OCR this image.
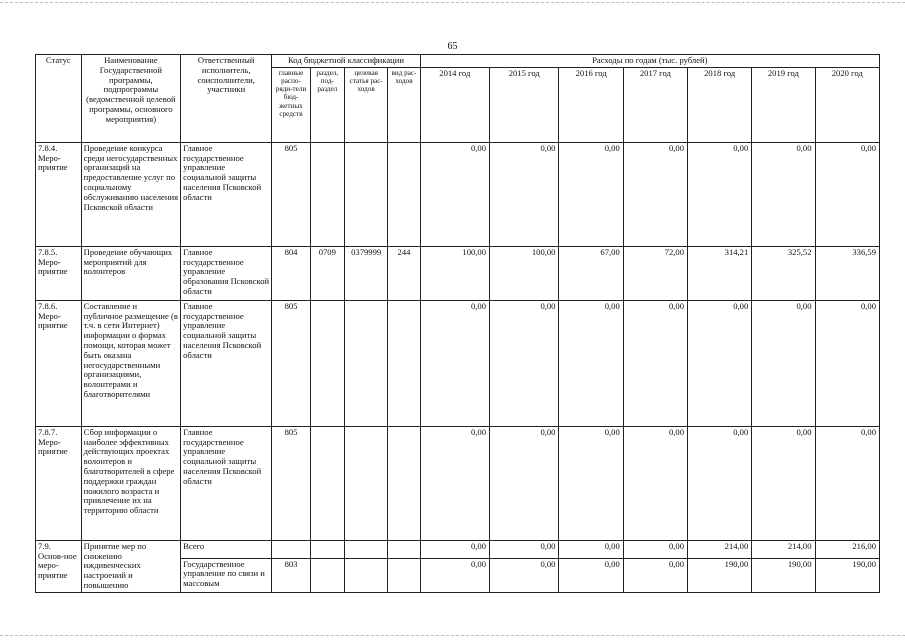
65
Статус	Наименование Государственной программы, подпрограммы (ведомственной целевой программы, основного мероприятия)	Ответственный исполнитель, соисполнители, участники	Код бюджетной классификации				Расходы по годам (тыс. рублей)						
			главные распо-ряди-тели бюд-жетных средств	раздел, под-раздел	целевая статья рас-ходов	вид рас-ходов	2014 год	2015 год	2016 год	2017 год	2018 год	2019 год	2020 год
7.8.4. Меро-приятие	Проведение конкурса среди негосударственных организаций на предоставление услуг по социальному обслуживанию населения Псковской области	Главное государственное управление социальной защиты населения Псковской области	805				0,00	0,00	0,00	0,00	0,00	0,00	0,00
7.8.5. Меро-приятие	Проведение обучающих мероприятий для волонтеров	Главное государственное управление образования Псковской области	804	0709	0379999	244	100,00	100,00	67,00	72,00	314,21	325,52	336,59
7.8.6. Меро-приятие	Составление и публичное размещение (в т.ч. в сети Интернет) информации о формах помощи, которая может быть оказана негосударственными организациями, волонтерами и благотворителями	Главное государственное управление социальной защиты населения Псковской области	805				0,00	0,00	0,00	0,00	0,00	0,00	0,00
7.8.7. Меро-приятие	Сбор информации о наиболее эффективных действующих проектах волонтеров и благотворителей в сфере поддержки граждан пожилого возраста и привлечение их на территорию области	Главное государственное управление социальной защиты населения Псковской области	805				0,00	0,00	0,00	0,00	0,00	0,00	0,00
7.9. Основ-ное меро-приятие	Принятие мер по снижению иждивенческих настроений и повышению	Всего					0,00	0,00	0,00	0,00	214,00	214,00	216,00
		Государственное управление по связи и массовым	803				0,00	0,00	0,00	0,00	190,00	190,00	190,00
